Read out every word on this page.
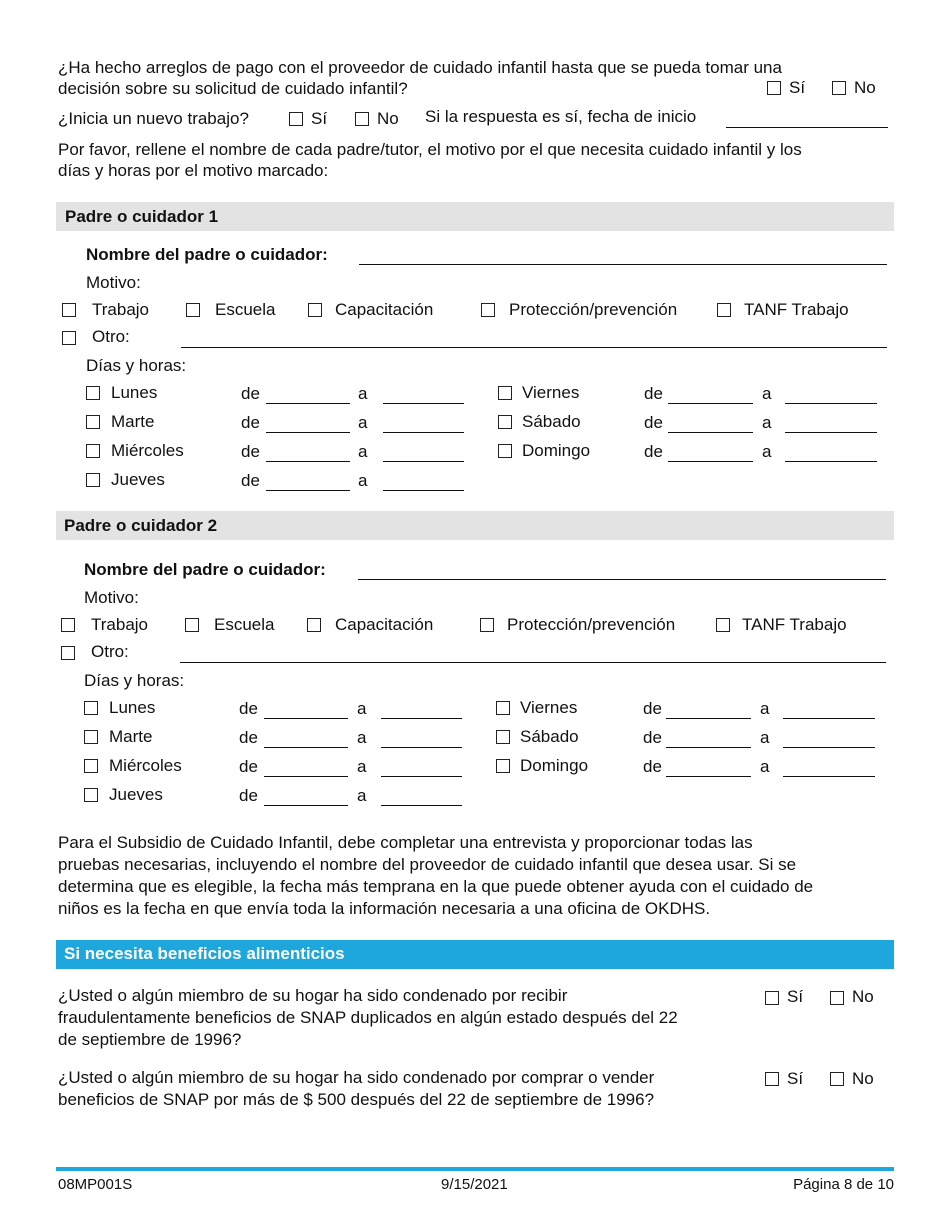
¿Ha hecho arreglos de pago con el proveedor de cuidado infantil hasta que se pueda tomar una
decisión sobre su solicitud de cuidado infantil?	Sí	No
¿Inicia un nuevo trabajo?	Sí	No Si la respuesta es sí, fecha de inicio
Por favor, rellene el nombre de cada padre/tutor, el motivo por el que necesita cuidado infantil y los
días y horas por el motivo marcado:
Padre o cuidador 1
Nombre del padre o cuidador:
Motivo:
Trabajo	Escuela	Capacitación	Protección/prevención	TANF Trabajo
Otro:
Días y horas:
Lunes	de	a
Marte	de	a
Miércoles	de	a
Jueves	de	a
Viernes	de	a
Sábado	de	a
Domingo	de	a
Padre o cuidador 2
Nombre del padre o cuidador:
Motivo:
Trabajo	Escuela	Capacitación	Protección/prevención	TANF Trabajo
Otro:
Días y horas:
Lunes	de	a
Marte	de	a
Miércoles	de	a
Jueves	de	a
Viernes	de	a
Sábado	de	a
Domingo	de	a
Para el Subsidio de Cuidado Infantil, debe completar una entrevista y proporcionar todas las
pruebas necesarias, incluyendo el nombre del proveedor de cuidado infantil que desea usar. Si se
determina que es elegible, la fecha más temprana en la que puede obtener ayuda con el cuidado de
niños es la fecha en que envía toda la información necesaria a una oficina de OKDHS.
Si necesita beneficios alimenticios
¿Usted o algún miembro de su hogar ha sido condenado por recibir
fraudulentamente beneficios de SNAP duplicados en algún estado después del 22
de septiembre de 1996?
Sí	No
¿Usted o algún miembro de su hogar ha sido condenado por comprar o vender
beneficios de SNAP por más de $ 500 después del 22 de septiembre de 1996?
Sí	No
08MP001S	9/15/2021	Página 8 de 10
